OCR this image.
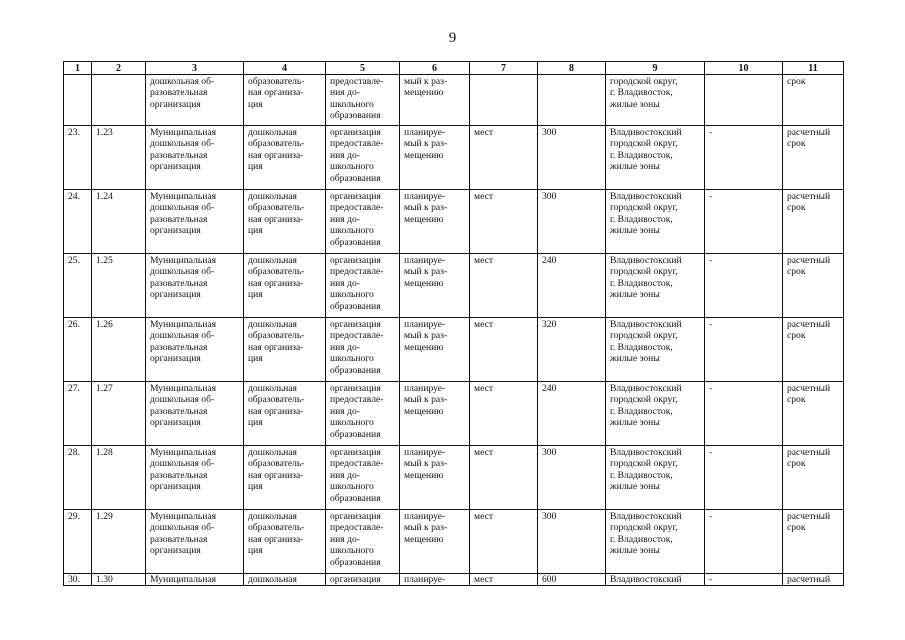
9
1	2	3	4	5	6	7	8	9	10	11
		дошкольная об-
разовательная
организация	образователь-
ная организа-
ция	предоставле-
ния до-
школьного
образования	мый к раз-
мещению			городской округ,
г. Владивосток,
жилые зоны		срок
23.	1.23	Муниципальная
дошкольная об-
разовательная
организация	дошкольная
образователь-
ная организа-
ция	организация
предоставле-
ния до-
школьного
образования	планируе-
мый к раз-
мещению	мест	300	Владивостокский
городской округ,
г. Владивосток,
жилые зоны	-	расчетный
срок
24.	1.24	Муниципальная
дошкольная об-
разовательная
организация	дошкольная
образователь-
ная организа-
ция	организация
предоставле-
ния до-
школьного
образования	планируе-
мый к раз-
мещению	мест	300	Владивостокский
городской округ,
г. Владивосток,
жилые зоны	-	расчетный
срок
25.	1.25	Муниципальная
дошкольная об-
разовательная
организация	дошкольная
образователь-
ная организа-
ция	организация
предоставле-
ния до-
школьного
образования	планируе-
мый к раз-
мещению	мест	240	Владивостокский
городской округ,
г. Владивосток,
жилые зоны	-	расчетный
срок
26.	1.26	Муниципальная
дошкольная об-
разовательная
организация	дошкольная
образователь-
ная организа-
ция	организация
предоставле-
ния до-
школьного
образования	планируе-
мый к раз-
мещению	мест	320	Владивостокский
городской округ,
г. Владивосток,
жилые зоны	-	расчетный
срок
27.	1.27	Муниципальная
дошкольная об-
разовательная
организация	дошкольная
образователь-
ная организа-
ция	организация
предоставле-
ния до-
школьного
образования	планируе-
мый к раз-
мещению	мест	240	Владивостокский
городской округ,
г. Владивосток,
жилые зоны	-	расчетный
срок
28.	1.28	Муниципальная
дошкольная об-
разовательная
организация	дошкольная
образователь-
ная организа-
ция	организация
предоставле-
ния до-
школьного
образования	планируе-
мый к раз-
мещению	мест	300	Владивостокский
городской округ,
г. Владивосток,
жилые зоны	-	расчетный
срок
29.	1.29	Муниципальная
дошкольная об-
разовательная
организация	дошкольная
образователь-
ная организа-
ция	организация
предоставле-
ния до-
школьного
образования	планируе-
мый к раз-
мещению	мест	300	Владивостокский
городской округ,
г. Владивосток,
жилые зоны	-	расчетный
срок
30.	1.30	Муниципальная	дошкольная	организация	планируе-	мест	600	Владивостокский	-	расчетный
